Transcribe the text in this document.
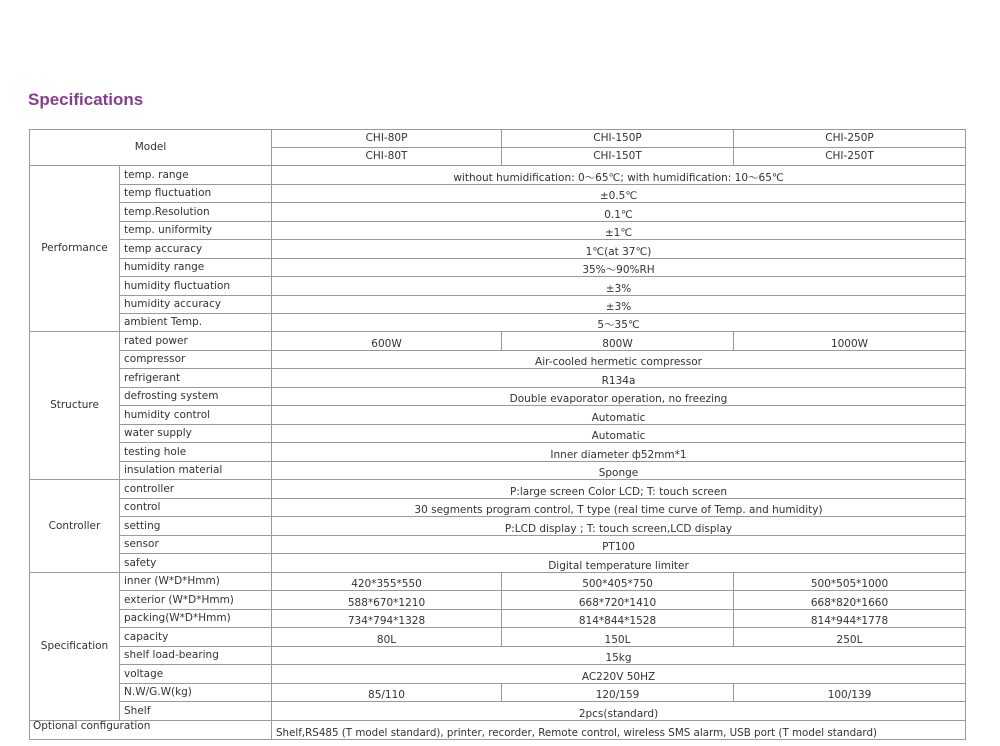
Specifications
Model		CHI-80P	CHI-150P	CHI-250P
		CHI-80T	CHI-150T	CHI-250T
Performance	temp. range	without humidification: 0～65℃; with humidification: 10～65℃		
	temp fluctuation	±0.5℃		
	temp.Resolution	0.1℃		
	temp. uniformity	±1℃		
	temp accuracy	1℃(at 37℃)		
	humidity range	35%～90%RH		
	humidity fluctuation	±3%		
	humidity accuracy	±3%		
	ambient Temp.	5～35℃		
Structure	rated power	600W	800W	1000W
	compressor	Air-cooled hermetic compressor		
	refrigerant	R134a		
	defrosting system	Double evaporator operation, no freezing		
	humidity control	Automatic		
	water supply	Automatic		
	testing hole	Inner diameter ф52mm*1		
	insulation material	Sponge		
Controller	controller	P:large screen Color LCD; T: touch screen		
	control	30 segments program control, T type (real time curve of Temp. and humidity)		
	setting	P:LCD display ; T: touch screen,LCD display		
	sensor	PT100		
	safety	Digital temperature limiter		
Specification	inner (W*D*Hmm)	420*355*550	500*405*750	500*505*1000
	exterior (W*D*Hmm)	588*670*1210	668*720*1410	668*820*1660
	packing(W*D*Hmm)	734*794*1328	814*844*1528	814*944*1778
	capacity	80L	150L	250L
	shelf load-bearing	15kg		
	voltage	AC220V 50HZ		
	N.W/G.W(kg)	85/110	120/159	100/139
	Shelf	2pcs(standard)		
Optional configuration		Shelf,RS485 (T model standard), printer, recorder, Remote control, wireless SMS alarm, USB port (T model standard)		
